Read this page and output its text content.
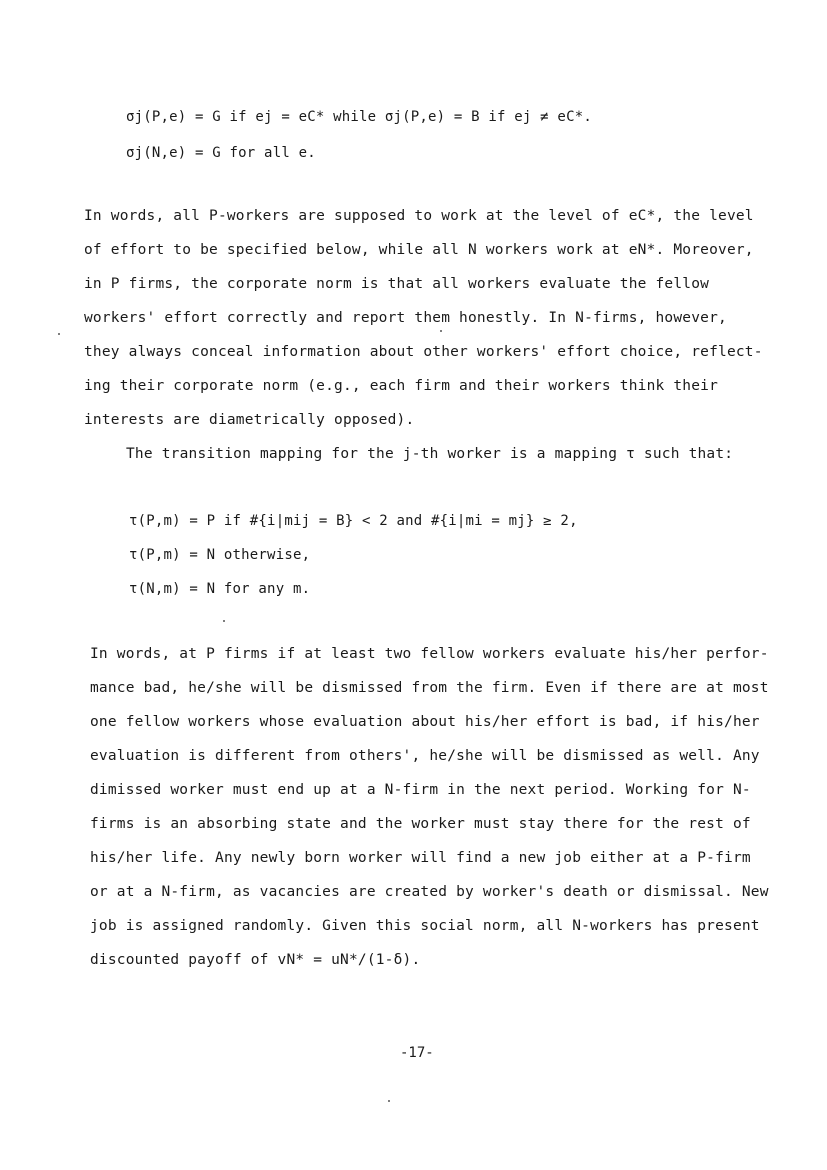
σj(P,e) = G if ej = eC* while σj(P,e) = B if ej ≠ eC*.
σj(N,e) = G for all e.
In words, all P-workers are supposed to work at the level of eC*, the level
of effort to be specified below, while all N workers work at eN*. Moreover,
in P firms, the corporate norm is that all workers evaluate the fellow
workers' effort correctly and report them honestly. In N-firms, however,
they always conceal information about other workers' effort choice, reflect-
ing their corporate norm (e.g., each firm and their workers think their
interests are diametrically opposed).
The transition mapping for the j-th worker is a mapping τ such that:
τ(P,m) = P if #{i|mij = B} < 2 and #{i|mi = mj} ≥ 2,
τ(P,m) = N otherwise,
τ(N,m) = N for any m.
In words, at P firms if at least two fellow workers evaluate his/her perfor-
mance bad, he/she will be dismissed from the firm. Even if there are at most
one fellow workers whose evaluation about his/her effort is bad, if his/her
evaluation is different from others', he/she will be dismissed as well. Any
dimissed worker must end up at a N-firm in the next period. Working for N-
firms is an absorbing state and the worker must stay there for the rest of
his/her life. Any newly born worker will find a new job either at a P-firm
or at a N-firm, as vacancies are created by worker's death or dismissal. New
job is assigned randomly. Given this social norm, all N-workers has present
discounted payoff of vN* = uN*/(1-δ).
-17-
